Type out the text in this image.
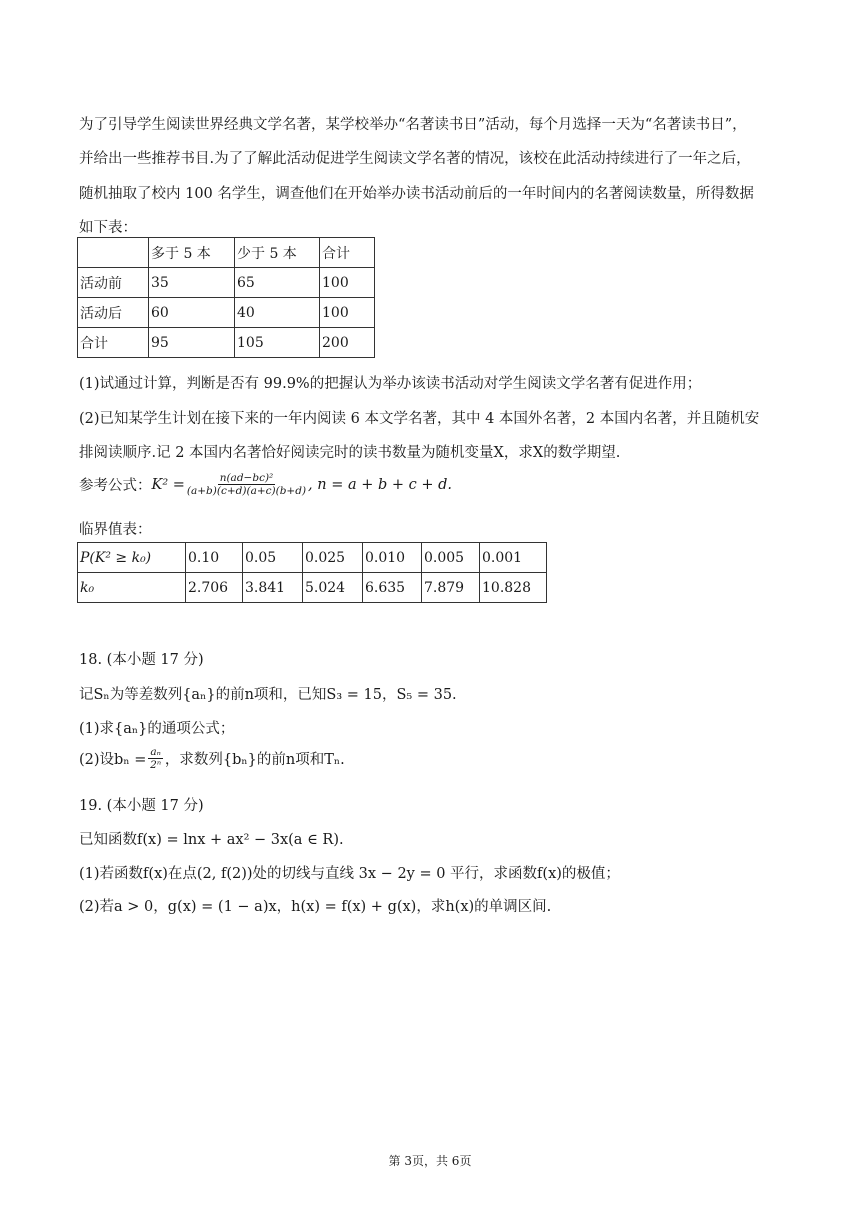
为了引导学生阅读世界经典文学名著，某学校举办“名著读书日”活动，每个月选择一天为“名著读书日”，
并给出一些推荐书目.为了了解此活动促进学生阅读文学名著的情况，该校在此活动持续进行了一年之后，
随机抽取了校内 100 名学生，调查他们在开始举办读书活动前后的一年时间内的名著阅读数量，所得数据
如下表：
	多于 5 本	少于 5 本	合计
活动前	35	65	100
活动后	60	40	100
合计	95	105	200
(1)试通过计算，判断是否有 99.9%的把握认为举办该读书活动对学生阅读文学名著有促进作用；
(2)已知某学生计划在接下来的一年内阅读 6 本文学名著，其中 4 本国外名著，2 本国内名著，并且随机安
排阅读顺序.记 2 本国内名著恰好阅读完时的读书数量为随机变量X，求X的数学期望.
参考公式： $K^2 = \frac{\text{n(ad−bc)²}}{(a+b)(c+d)(a+c)(b+d)}$ , n = a + b + c + d.
临界值表：
P(K² ≥ k₀)	0.10	0.05	0.025	0.010	0.005	0.001
k₀	2.706	3.841	5.024	6.635	7.879	10.828
18. (本小题 17 分)
记Sₙ为等差数列{aₙ}的前n项和，已知S₃ = 15，S₅ = 35.
(1)求{aₙ}的通项公式；
(2)设$b_n = \frac{\text{aₙ}}{\text{2ⁿ}}$ ，求数列{bₙ}的前n项和Tₙ.
19. (本小题 17 分)
已知函数f(x) = lnx + ax² − 3x(a ∈ R).
(1)若函数f(x)在点(2, f(2))处的切线与直线 3x − 2y = 0 平行，求函数f(x)的极值；
(2)若a > 0，g(x) = (1 − a)x，h(x) = f(x) + g(x)，求h(x)的单调区间.
第 3页，共 6页
